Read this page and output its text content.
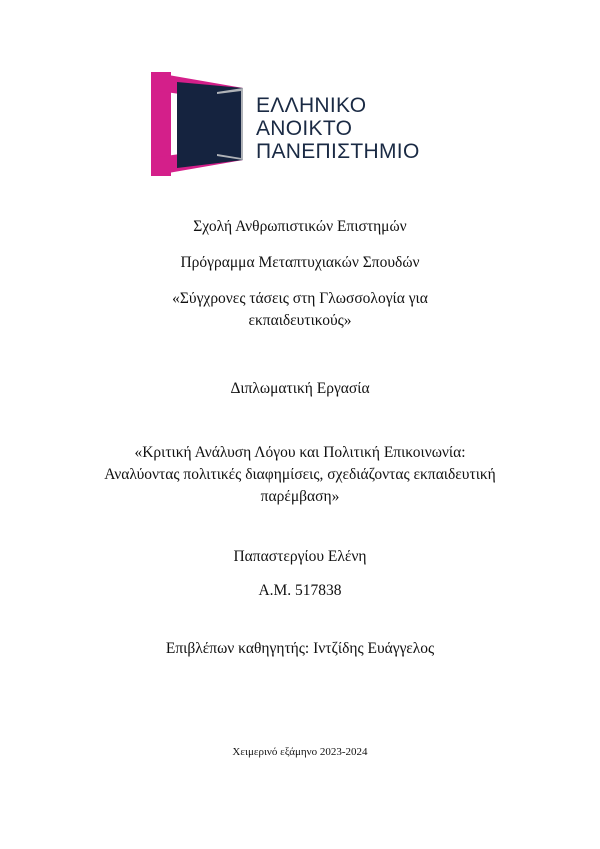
ΕΛΛΗΝΙΚΟ
ΑΝΟΙΚΤΟ
ΠΑΝΕΠΙΣΤΗΜΙΟ
Σχολή Ανθρωπιστικών Επιστημών
Πρόγραμμα Μεταπτυχιακών Σπουδών
«Σύγχρονες τάσεις στη Γλωσσολογία για
εκπαιδευτικούς»
Διπλωματική Εργασία
«Κριτική Ανάλυση Λόγου και Πολιτική Επικοινωνία:
Αναλύοντας πολιτικές διαφημίσεις, σχεδιάζοντας εκπαιδευτική
παρέμβαση»
Παπαστεργίου Ελένη
Α.Μ. 517838
Επιβλέπων καθηγητής: Ιντζίδης Ευάγγελος
Χειμερινό εξάμηνο 2023-2024
